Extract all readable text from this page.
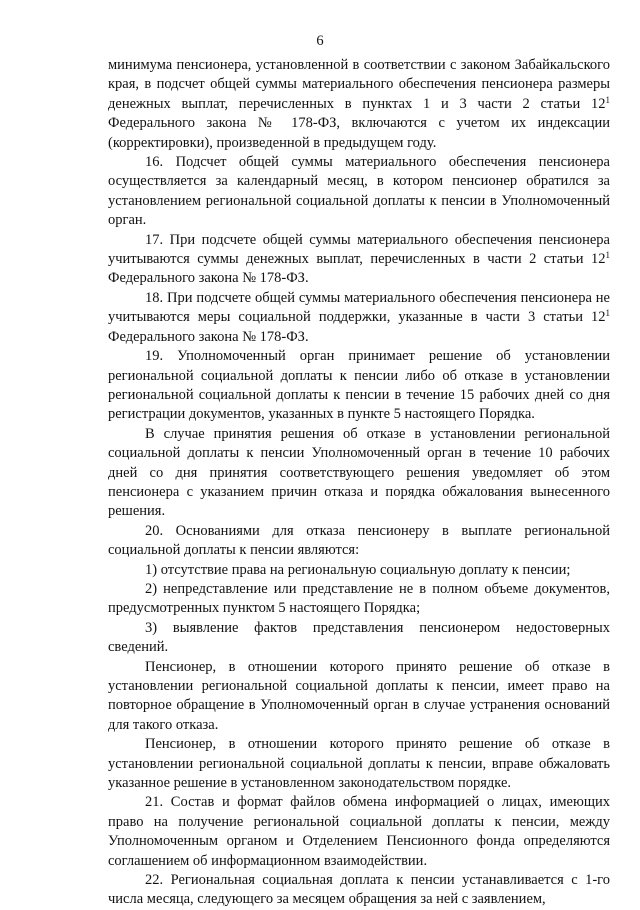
6

минимума пенсионера, установленной в соответствии с законом Забайкальского края, в подсчет общей суммы материального обеспечения пенсионера размеры денежных выплат, перечисленных в пунктах 1 и 3 части 2 статьи $12^1$ Федерального закона № 178-ФЗ, включаются с учетом их индексации (корректировки), произведенной в предыдущем году.

16. Подсчет общей суммы материального обеспечения пенсионера осуществляется за календарный месяц, в котором пенсионер обратился за установлением региональной социальной доплаты к пенсии в Уполномоченный орган.

17. При подсчете общей суммы материального обеспечения пенсионера учитываются суммы денежных выплат, перечисленных в части 2 статьи $12^1$ Федерального закона № 178-ФЗ.

18. При подсчете общей суммы материального обеспечения пенсионера не учитываются меры социальной поддержки, указанные в части 3 статьи $12^1$ Федерального закона № 178-ФЗ.

19. Уполномоченный орган принимает решение об установлении региональной социальной доплаты к пенсии либо об отказе в установлении региональной социальной доплаты к пенсии в течение 15 рабочих дней со дня регистрации документов, указанных в пункте 5 настоящего Порядка.

В случае принятия решения об отказе в установлении региональной социальной доплаты к пенсии Уполномоченный орган в течение 10 рабочих дней со дня принятия соответствующего решения уведомляет об этом пенсионера с указанием причин отказа и порядка обжалования вынесенного решения.

20. Основаниями для отказа пенсионеру в выплате региональной социальной доплаты к пенсии являются:

1) отсутствие права на региональную социальную доплату к пенсии;

2) непредставление или представление не в полном объеме документов, предусмотренных пунктом 5 настоящего Порядка;

3) выявление фактов представления пенсионером недостоверных сведений.

Пенсионер, в отношении которого принято решение об отказе в установлении региональной социальной доплаты к пенсии, имеет право на повторное обращение в Уполномоченный орган в случае устранения оснований для такого отказа.

Пенсионер, в отношении которого принято решение об отказе в установлении региональной социальной доплаты к пенсии, вправе обжаловать указанное решение в установленном законодательством порядке.

21. Состав и формат файлов обмена информацией о лицах, имеющих право на получение региональной социальной доплаты к пенсии, между Уполномоченным органом и Отделением Пенсионного фонда определяются соглашением об информационном взаимодействии.

22. Региональная социальная доплата к пенсии устанавливается с 1-го числа месяца, следующего за месяцем обращения за ней с заявлением,
